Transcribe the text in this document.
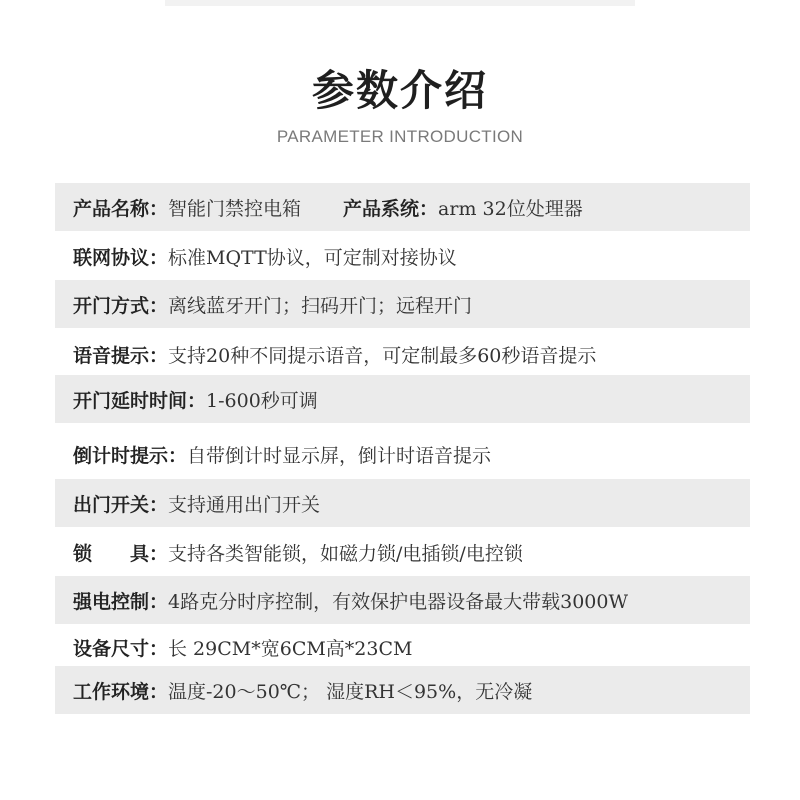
参数介绍
PARAMETER INTRODUCTION
产品名称： 智能门禁控电箱 产品系统： arm 32位处理器
联网协议： 标准MQTT协议，可定制对接协议
开门方式： 离线蓝牙开门；扫码开门；远程开门
语音提示： 支持20种不同提示语音，可定制最多60秒语音提示
开门延时时间： 1-600秒可调
倒计时提示： 自带倒计时显示屏，倒计时语音提示
出门开关： 支持通用出门开关
锁　　具： 支持各类智能锁，如磁力锁/电插锁/电控锁
强电控制： 4路克分时序控制，有效保护电器设备最大带载3000W
设备尺寸： 长 29CM*宽6CM高*23CM
工作环境： 温度-20～50℃； 湿度RH＜95%，无冷凝
